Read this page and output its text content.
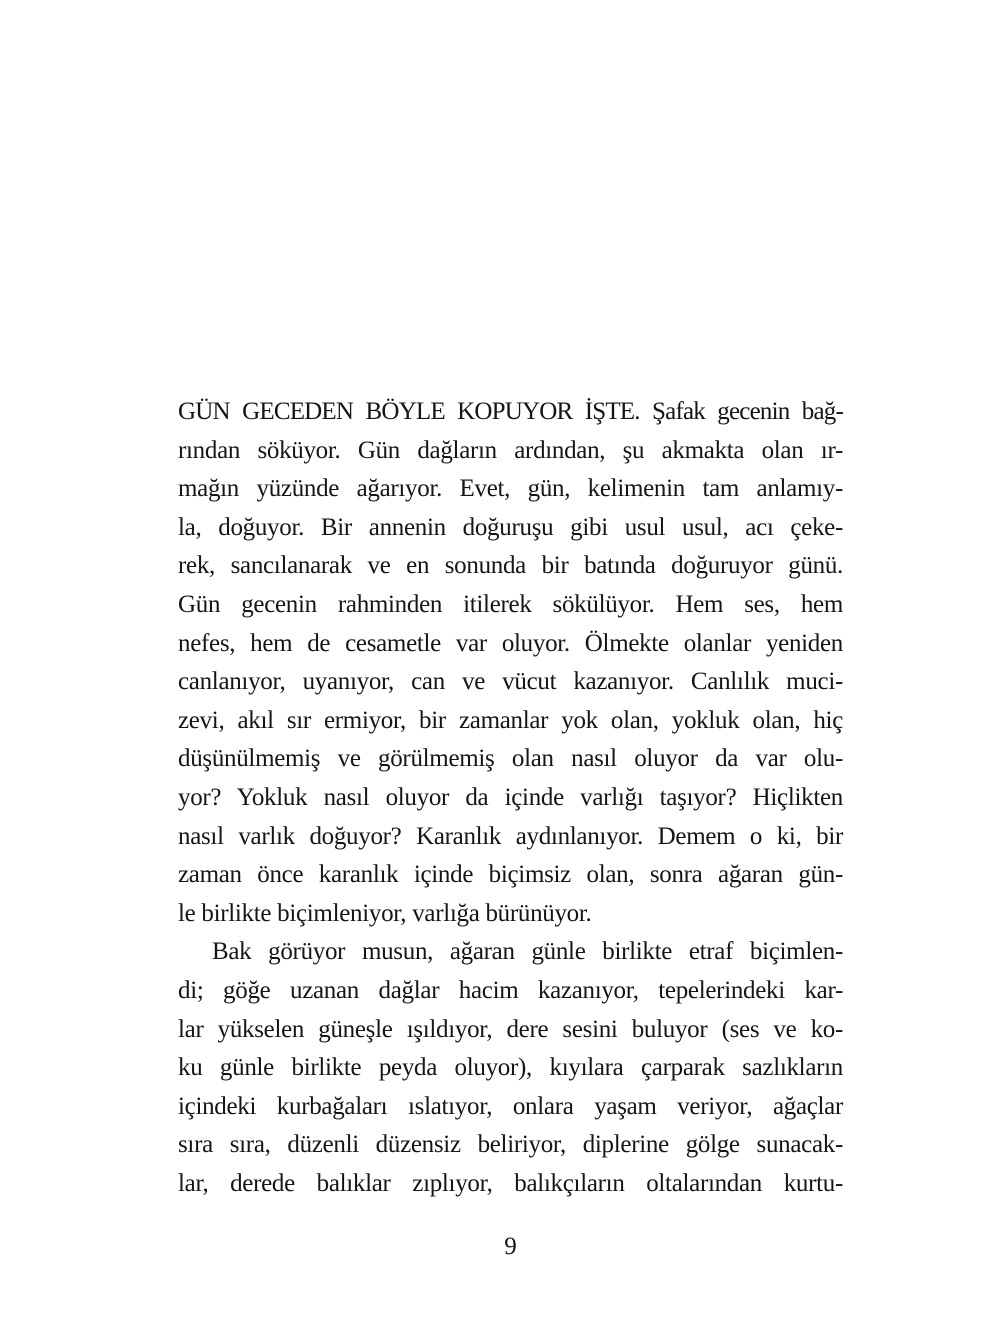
GÜN GECEDEN BÖYLE KOPUYOR İŞTE. Şafak gecenin bağ-
rından söküyor. Gün dağların ardından, şu akmakta olan ır-
mağın yüzünde ağarıyor. Evet, gün, kelimenin tam anlamıy-
la, doğuyor. Bir annenin doğuruşu gibi usul usul, acı çeke-
rek, sancılanarak ve en sonunda bir batında doğuruyor günü.
Gün gecenin rahminden itilerek sökülüyor. Hem ses, hem
nefes, hem de cesametle var oluyor. Ölmekte olanlar yeniden
canlanıyor, uyanıyor, can ve vücut kazanıyor. Canlılık muci-
zevi, akıl sır ermiyor, bir zamanlar yok olan, yokluk olan, hiç
düşünülmemiş ve görülmemiş olan nasıl oluyor da var olu-
yor? Yokluk nasıl oluyor da içinde varlığı taşıyor? Hiçlikten
nasıl varlık doğuyor? Karanlık aydınlanıyor. Demem o ki, bir
zaman önce karanlık içinde biçimsiz olan, sonra ağaran gün-
le birlikte biçimleniyor, varlığa bürünüyor.
Bak görüyor musun, ağaran günle birlikte etraf biçimlen-
di; göğe uzanan dağlar hacim kazanıyor, tepelerindeki kar-
lar yükselen güneşle ışıldıyor, dere sesini buluyor (ses ve ko-
ku günle birlikte peyda oluyor), kıyılara çarparak sazlıkların
içindeki kurbağaları ıslatıyor, onlara yaşam veriyor, ağaçlar
sıra sıra, düzenli düzensiz beliriyor, diplerine gölge sunacak-
lar, derede balıklar zıplıyor, balıkçıların oltalarından kurtu-
9
